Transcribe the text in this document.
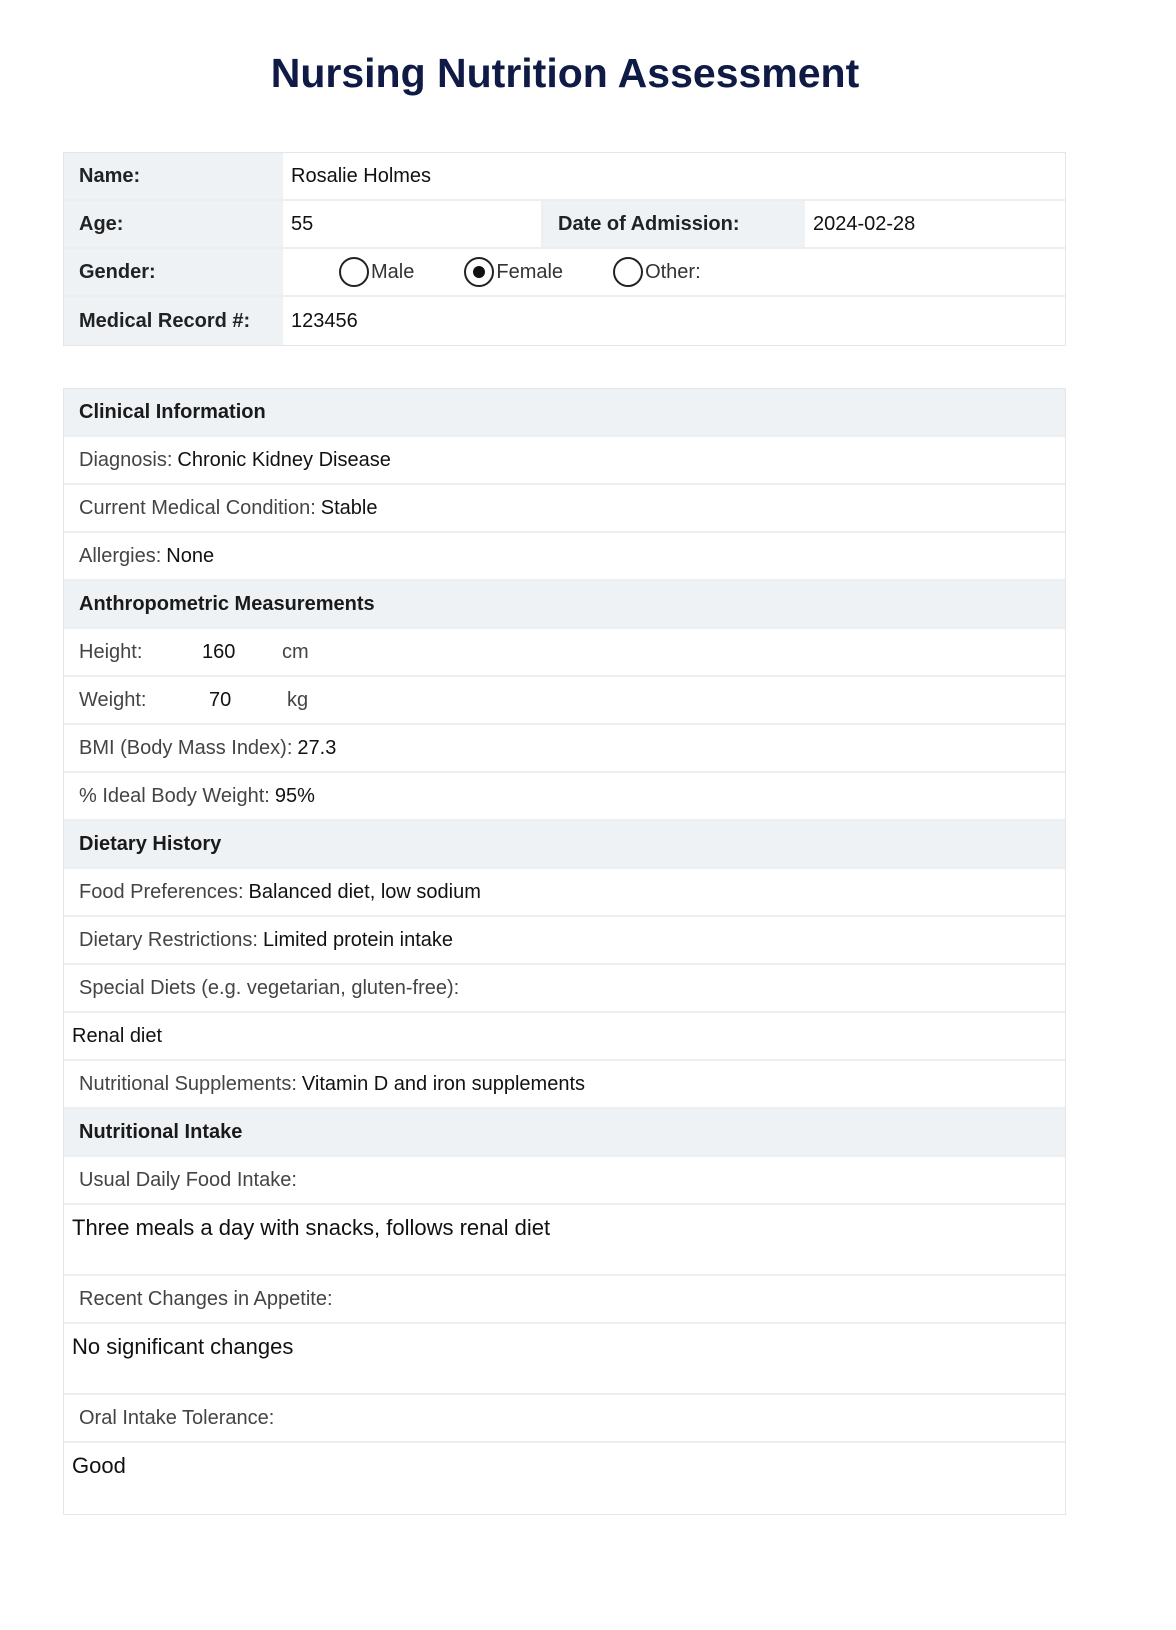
Nursing Nutrition Assessment
Name:	Rosalie Holmes
Age:	55	Date of Admission:	2024-02-28
Gender:	Male	Female	Other:
Medical Record #:	123456
Clinical Information
Diagnosis: Chronic Kidney Disease
Current Medical Condition: Stable
Allergies: None
Anthropometric Measurements
Height:	160	cm
Weight:	70	kg
BMI (Body Mass Index): 27.3
% Ideal Body Weight: 95%
Dietary History
Food Preferences: Balanced diet, low sodium
Dietary Restrictions: Limited protein intake
Special Diets (e.g. vegetarian, gluten-free):
Renal diet
Nutritional Supplements: Vitamin D and iron supplements
Nutritional Intake
Usual Daily Food Intake:
Three meals a day with snacks, follows renal diet
Recent Changes in Appetite:
No significant changes
Oral Intake Tolerance:
Good
